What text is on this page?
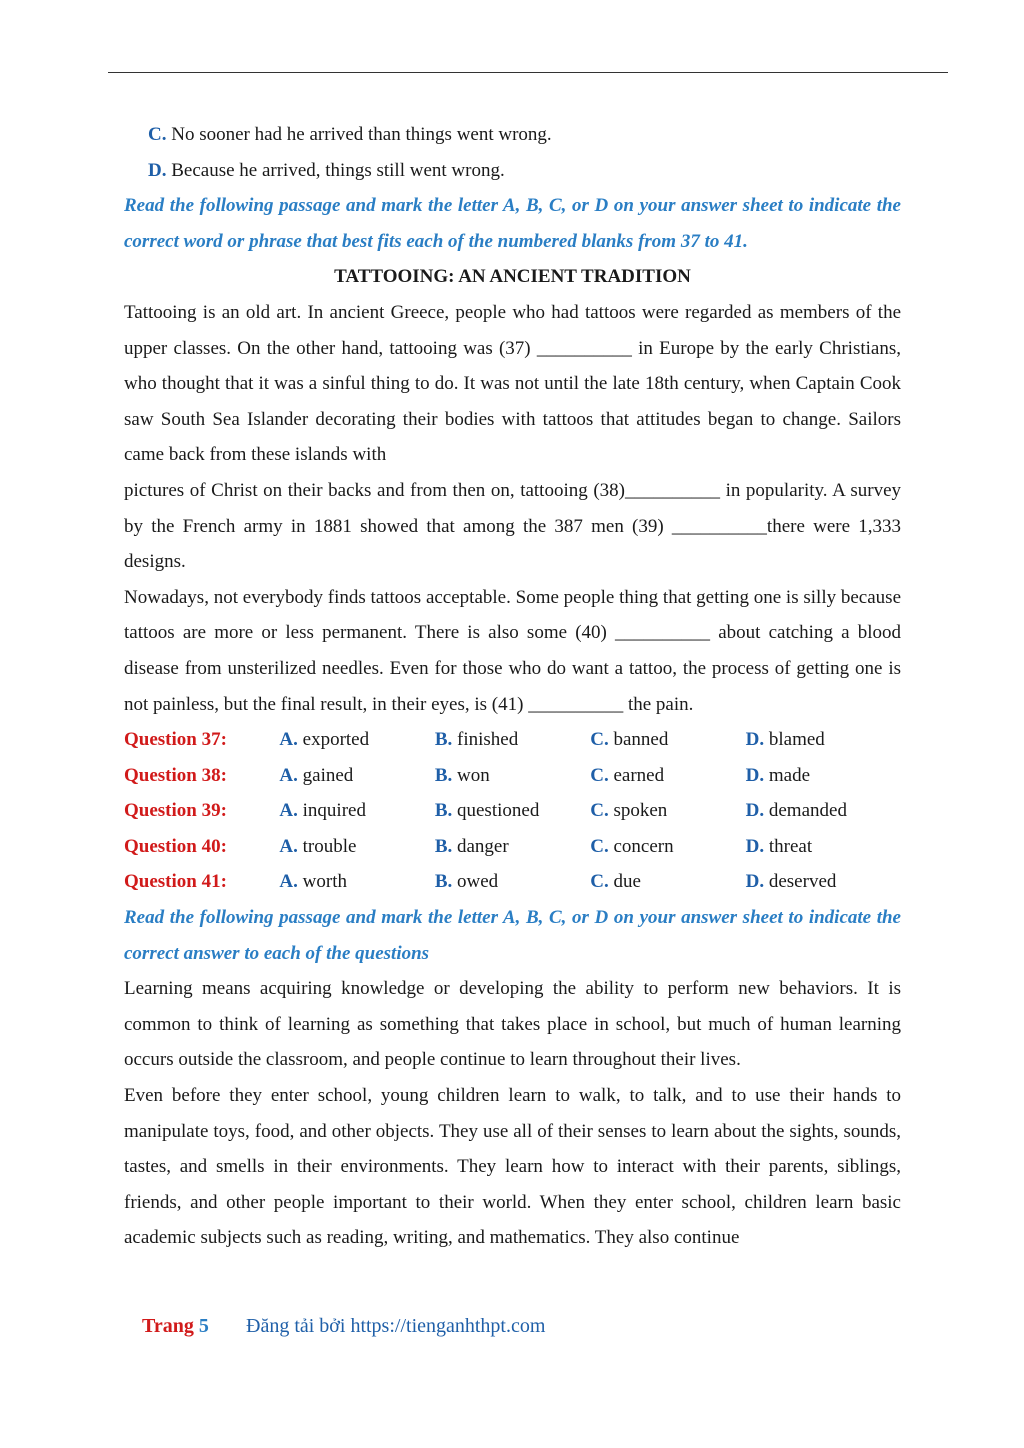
C. No sooner had he arrived than things went wrong.
D. Because he arrived, things still went wrong.
Read the following passage and mark the letter A, B, C, or D on your answer sheet to indicate the correct word or phrase that best fits each of the numbered blanks from 37 to 41.
TATTOOING: AN ANCIENT TRADITION
Tattooing is an old art. In ancient Greece, people who had tattoos were regarded as members of the upper classes. On the other hand, tattooing was (37) __________ in Europe by the early Christians, who thought that it was a sinful thing to do. It was not until the late 18th century, when Captain Cook saw South Sea Islander decorating their bodies with tattoos that attitudes began to change. Sailors came back from these islands with
pictures of Christ on their backs and from then on, tattooing (38)__________ in popularity. A survey by the French army in 1881 showed that among the 387 men (39) __________there were 1,333 designs.
Nowadays, not everybody finds tattoos acceptable. Some people thing that getting one is silly because tattoos are more or less permanent. There is also some (40) __________ about catching a blood disease from unsterilized needles. Even for those who do want a tattoo, the process of getting one is not painless, but the final result, in their eyes, is (41) __________ the pain.
Question 37:	A. exported	B. finished	C. banned	D. blamed
Question 38:	A. gained	B. won	C. earned	D. made
Question 39:	A. inquired	B. questioned	C. spoken	D. demanded
Question 40:	A. trouble	B. danger	C. concern	D. threat
Question 41:	A. worth	B. owed	C. due	D. deserved
Read the following passage and mark the letter A, B, C, or D on your answer sheet to indicate the correct answer to each of the questions
Learning means acquiring knowledge or developing the ability to perform new behaviors. It is common to think of learning as something that takes place in school, but much of human learning occurs outside the classroom, and people continue to learn throughout their lives.
Even before they enter school, young children learn to walk, to talk, and to use their hands to manipulate toys, food, and other objects. They use all of their senses to learn about the sights, sounds, tastes, and smells in their environments. They learn how to interact with their parents, siblings, friends, and other people important to their world. When they enter school, children learn basic academic subjects such as reading, writing, and mathematics. They also continue
Trang 5	Đăng tải bởi https://tienganhthpt.com
